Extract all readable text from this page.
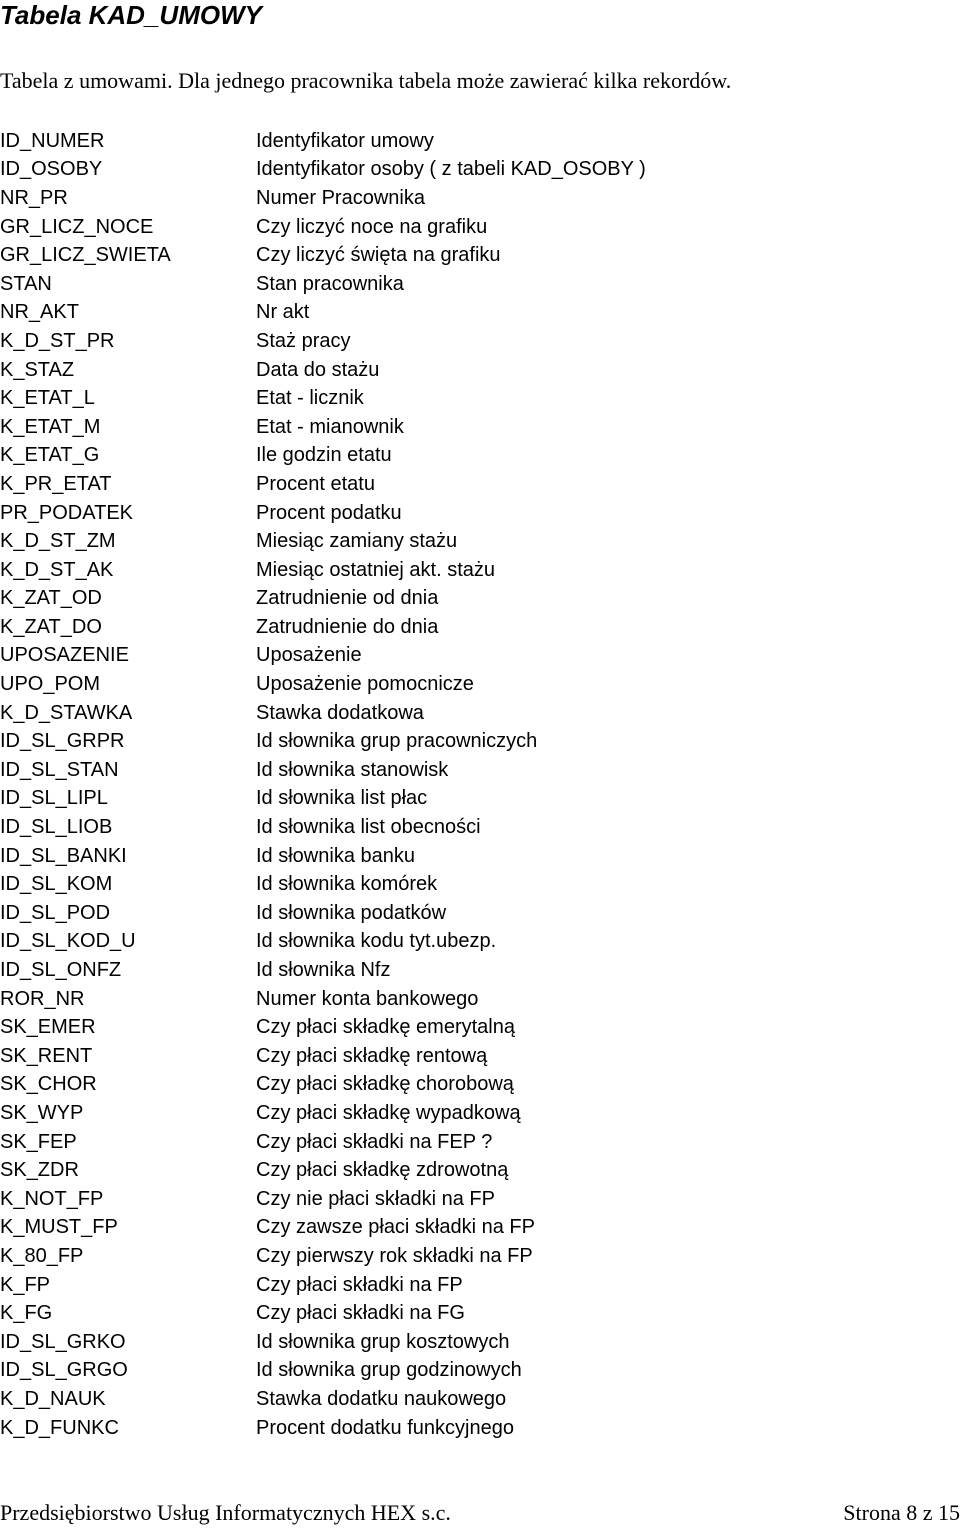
Tabela KAD_UMOWY
Tabela z umowami. Dla jednego pracownika tabela może zawierać kilka rekordów.
ID_NUMER	Identyfikator umowy
ID_OSOBY	Identyfikator osoby ( z tabeli KAD_OSOBY )
NR_PR	Numer Pracownika
GR_LICZ_NOCE	Czy liczyć noce na grafiku
GR_LICZ_SWIETA	Czy liczyć święta na grafiku
STAN	Stan pracownika
NR_AKT	Nr akt
K_D_ST_PR	Staż pracy
K_STAZ	Data do stażu
K_ETAT_L	Etat - licznik
K_ETAT_M	Etat - mianownik
K_ETAT_G	Ile godzin etatu
K_PR_ETAT	Procent etatu
PR_PODATEK	Procent podatku
K_D_ST_ZM	Miesiąc zamiany stażu
K_D_ST_AK	Miesiąc ostatniej akt. stażu
K_ZAT_OD	Zatrudnienie od dnia
K_ZAT_DO	Zatrudnienie do dnia
UPOSAZENIE	Uposażenie
UPO_POM	Uposażenie pomocnicze
K_D_STAWKA	Stawka dodatkowa
ID_SL_GRPR	Id słownika grup pracowniczych
ID_SL_STAN	Id słownika stanowisk
ID_SL_LIPL	Id słownika list płac
ID_SL_LIOB	Id słownika list obecności
ID_SL_BANKI	Id słownika banku
ID_SL_KOM	Id słownika komórek
ID_SL_POD	Id słownika podatków
ID_SL_KOD_U	Id słownika kodu tyt.ubezp.
ID_SL_ONFZ	Id słownika Nfz
ROR_NR	Numer konta bankowego
SK_EMER	Czy płaci składkę emerytalną
SK_RENT	Czy płaci składkę rentową
SK_CHOR	Czy płaci składkę chorobową
SK_WYP	Czy płaci składkę wypadkową
SK_FEP	Czy płaci składki na FEP ?
SK_ZDR	Czy płaci składkę zdrowotną
K_NOT_FP	Czy nie płaci składki na FP
K_MUST_FP	Czy zawsze płaci składki na FP
K_80_FP	Czy pierwszy rok składki na FP
K_FP	Czy płaci składki na FP
K_FG	Czy płaci składki na FG
ID_SL_GRKO	Id słownika grup kosztowych
ID_SL_GRGO	Id słownika grup godzinowych
K_D_NAUK	Stawka dodatku naukowego
K_D_FUNKC	Procent dodatku funkcyjnego
Przedsiębiorstwo Usług Informatycznych HEX s.c.	Strona 8 z 15
